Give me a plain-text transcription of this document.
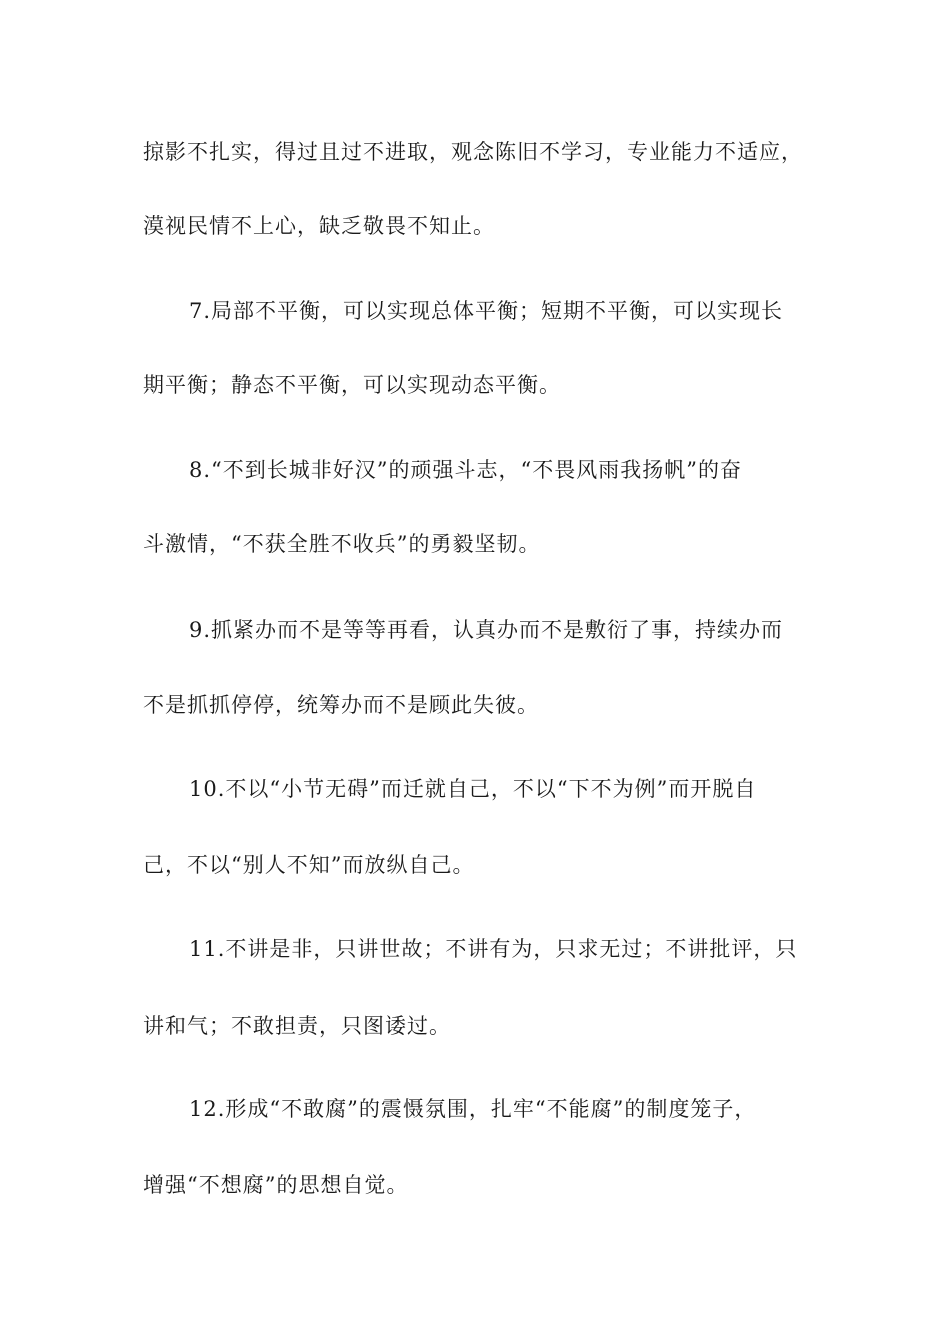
掠影不扎实，得过且过不进取，观念陈旧不学习，专业能力不适应，
漠视民情不上心，缺乏敬畏不知止。
7.局部不平衡，可以实现总体平衡；短期不平衡，可以实现长
期平衡；静态不平衡，可以实现动态平衡。
8.“不到长城非好汉”的顽强斗志，“不畏风雨我扬帆”的奋
斗激情，“不获全胜不收兵”的勇毅坚韧。
9.抓紧办而不是等等再看，认真办而不是敷衍了事，持续办而
不是抓抓停停，统筹办而不是顾此失彼。
10.不以“小节无碍”而迁就自己，不以“下不为例”而开脱自
己，不以“别人不知”而放纵自己。
11.不讲是非，只讲世故；不讲有为，只求无过；不讲批评，只
讲和气；不敢担责，只图诿过。
12.形成“不敢腐”的震慑氛围，扎牢“不能腐”的制度笼子，
增强“不想腐”的思想自觉。
